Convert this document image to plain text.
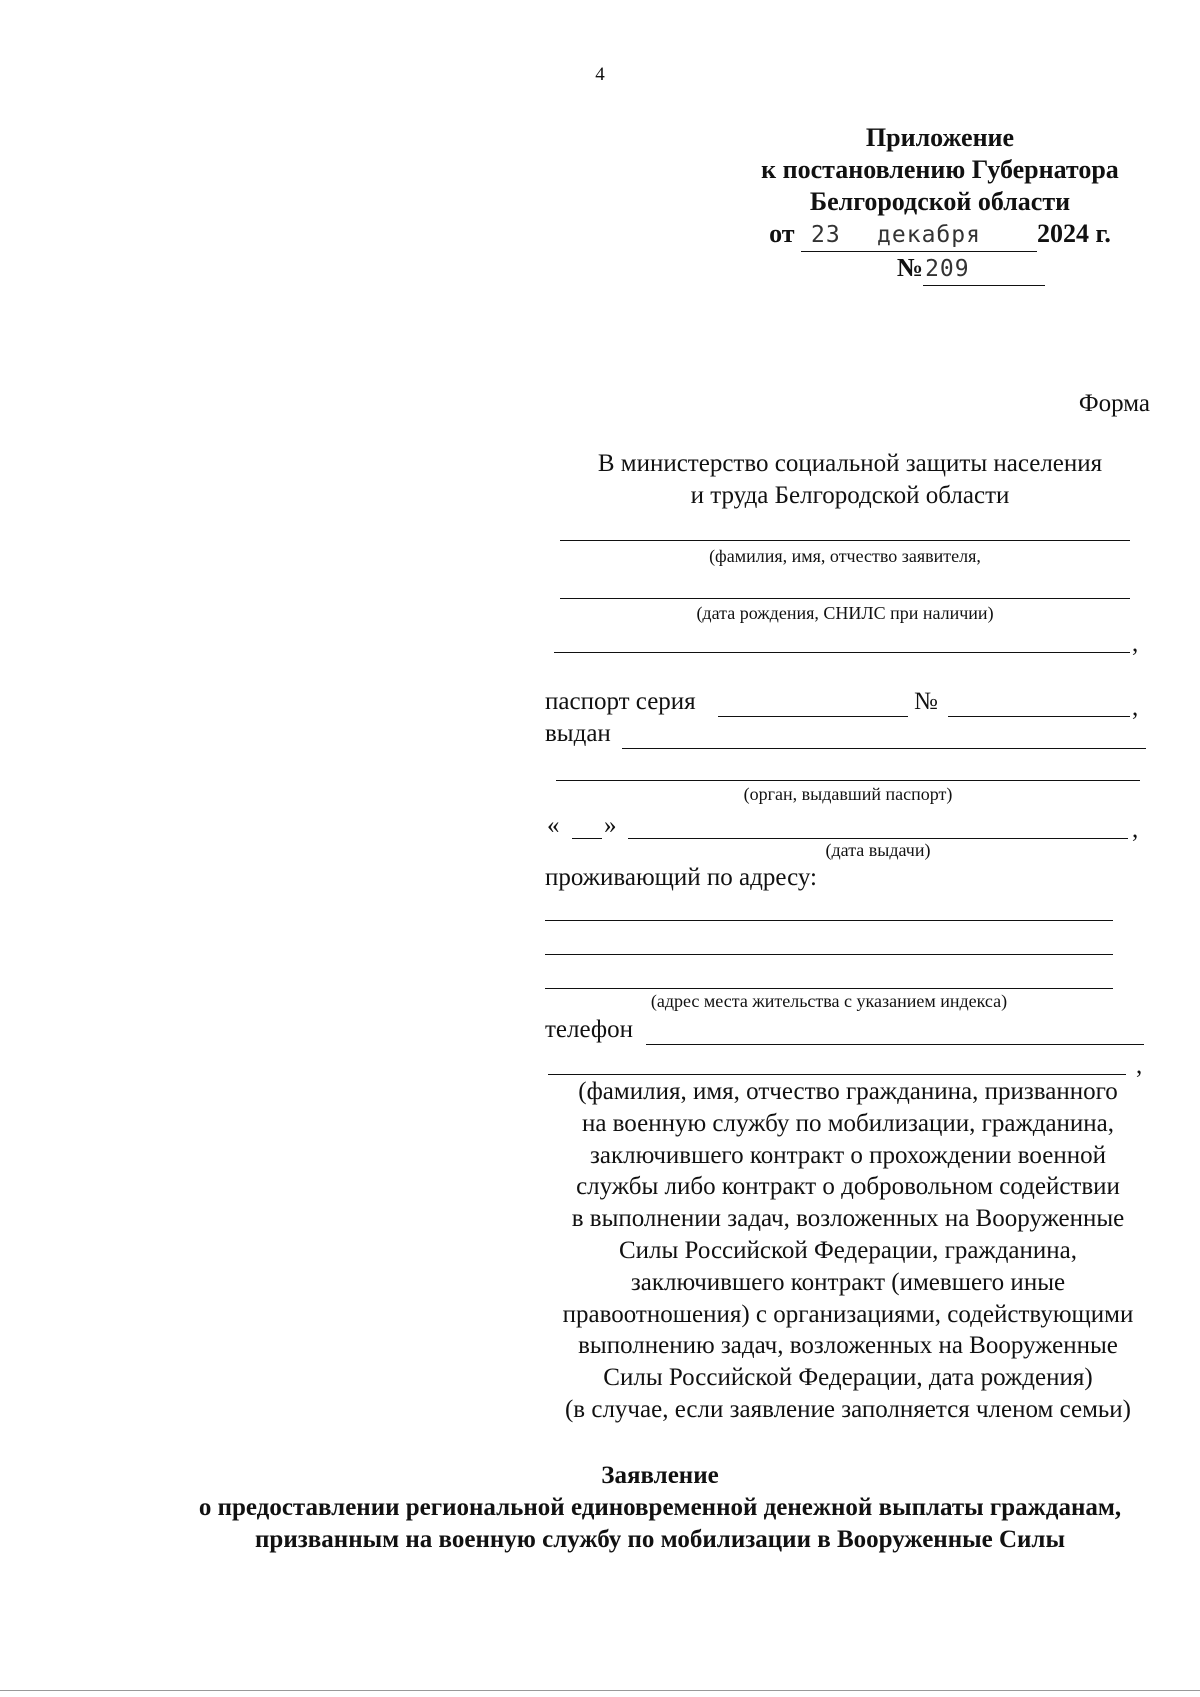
4
Приложение
к постановлению Губернатора
Белгородской области
от 23 декабря 2024 г.
№209
Форма
В министерство социальной защиты населения
и труда Белгородской области
(фамилия, имя, отчество заявителя,
(дата рождения, СНИЛС при наличии)
,
паспорт серия	№	,
выдан
(орган, выдавший паспорт)
« »	,
(дата выдачи)
проживающий по адресу:
(адрес места жительства с указанием индекса)
телефон
,
(фамилия, имя, отчество гражданина, призванного
на военную службу по мобилизации, гражданина,
заключившего контракт о прохождении военной
службы либо контракт о добровольном содействии
в выполнении задач, возложенных на Вооруженные
Силы Российской Федерации, гражданина,
заключившего контракт (имевшего иные
правоотношения) с организациями, содействующими
выполнению задач, возложенных на Вооруженные
Силы Российской Федерации, дата рождения)
(в случае, если заявление заполняется членом семьи)
Заявление
о предоставлении региональной единовременной денежной выплаты гражданам,
призванным на военную службу по мобилизации в Вооруженные Силы
